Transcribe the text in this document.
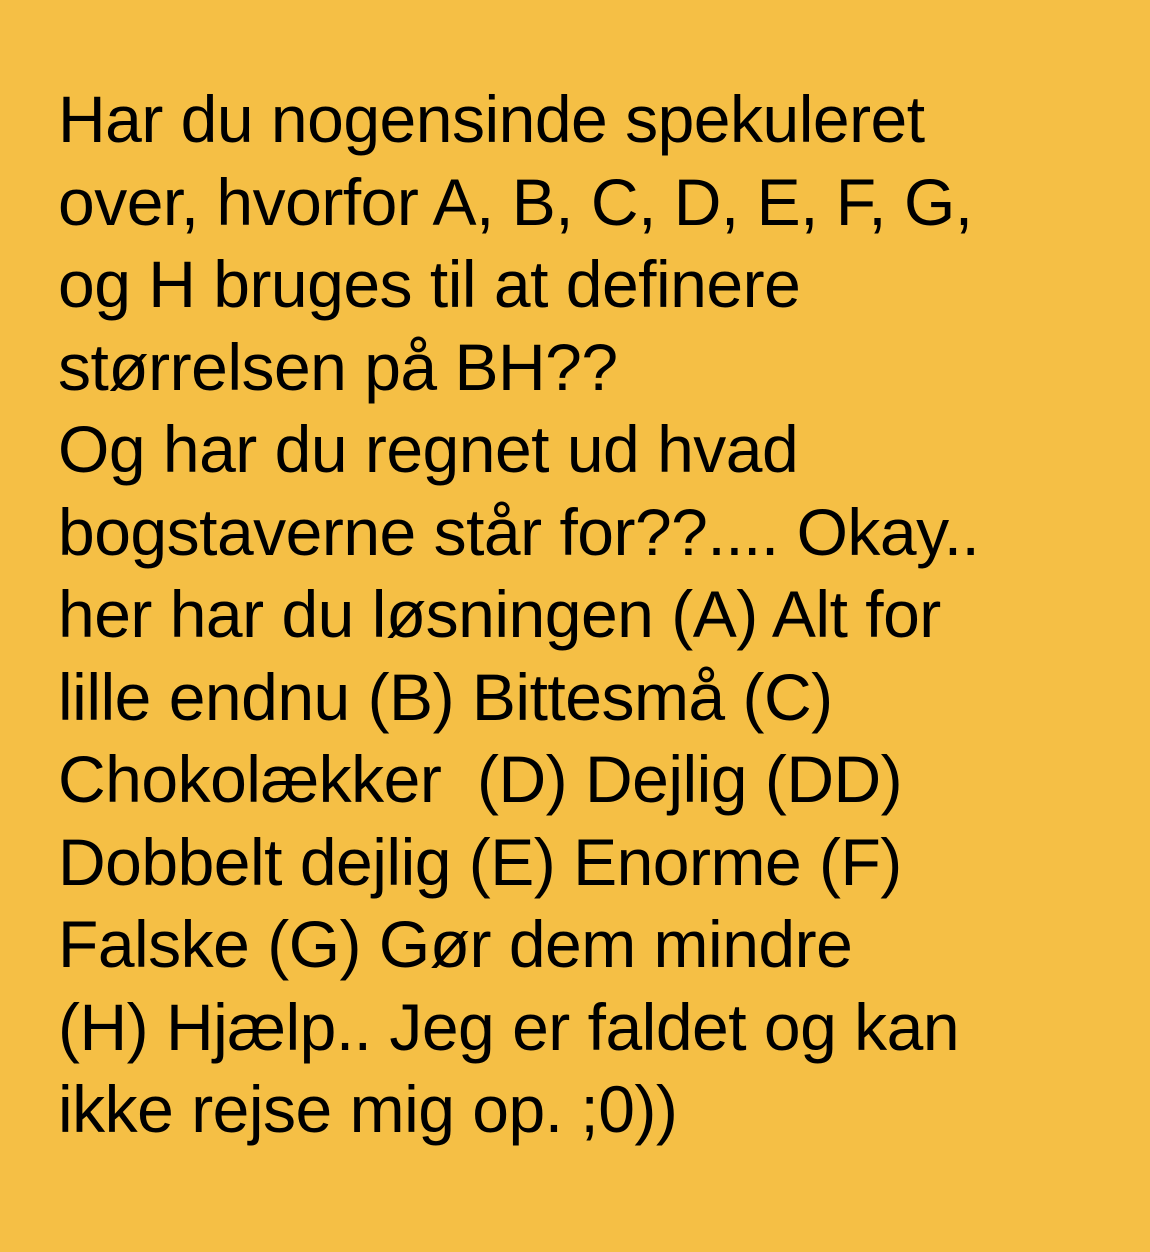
Har du nogensinde spekuleret
over, hvorfor A, B, C, D, E, F, G,
og H bruges til at definere
størrelsen på BH??
Og har du regnet ud hvad
bogstaverne står for??.... Okay..
her har du løsningen (A) Alt for
lille endnu (B) Bittesmå (C)
Chokolækker  (D) Dejlig (DD)
Dobbelt dejlig (E) Enorme (F)
Falske (G) Gør dem mindre
(H) Hjælp.. Jeg er faldet og kan
ikke rejse mig op. ;0))
